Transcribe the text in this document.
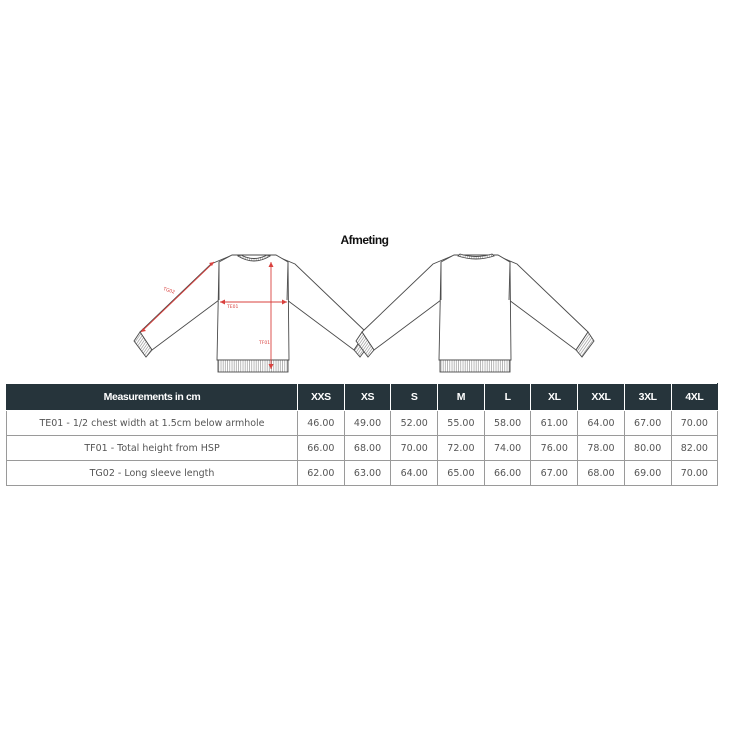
Afmeting
TG02
TE01
TF01
Measurements in cm	XXS	XS	S	M	L	XL	XXL	3XL	4XL
TE01 - 1/2 chest width at 1.5cm below armhole	46.00	49.00	52.00	55.00	58.00	61.00	64.00	67.00	70.00
TF01 - Total height from HSP	66.00	68.00	70.00	72.00	74.00	76.00	78.00	80.00	82.00
TG02 - Long sleeve length	62.00	63.00	64.00	65.00	66.00	67.00	68.00	69.00	70.00
